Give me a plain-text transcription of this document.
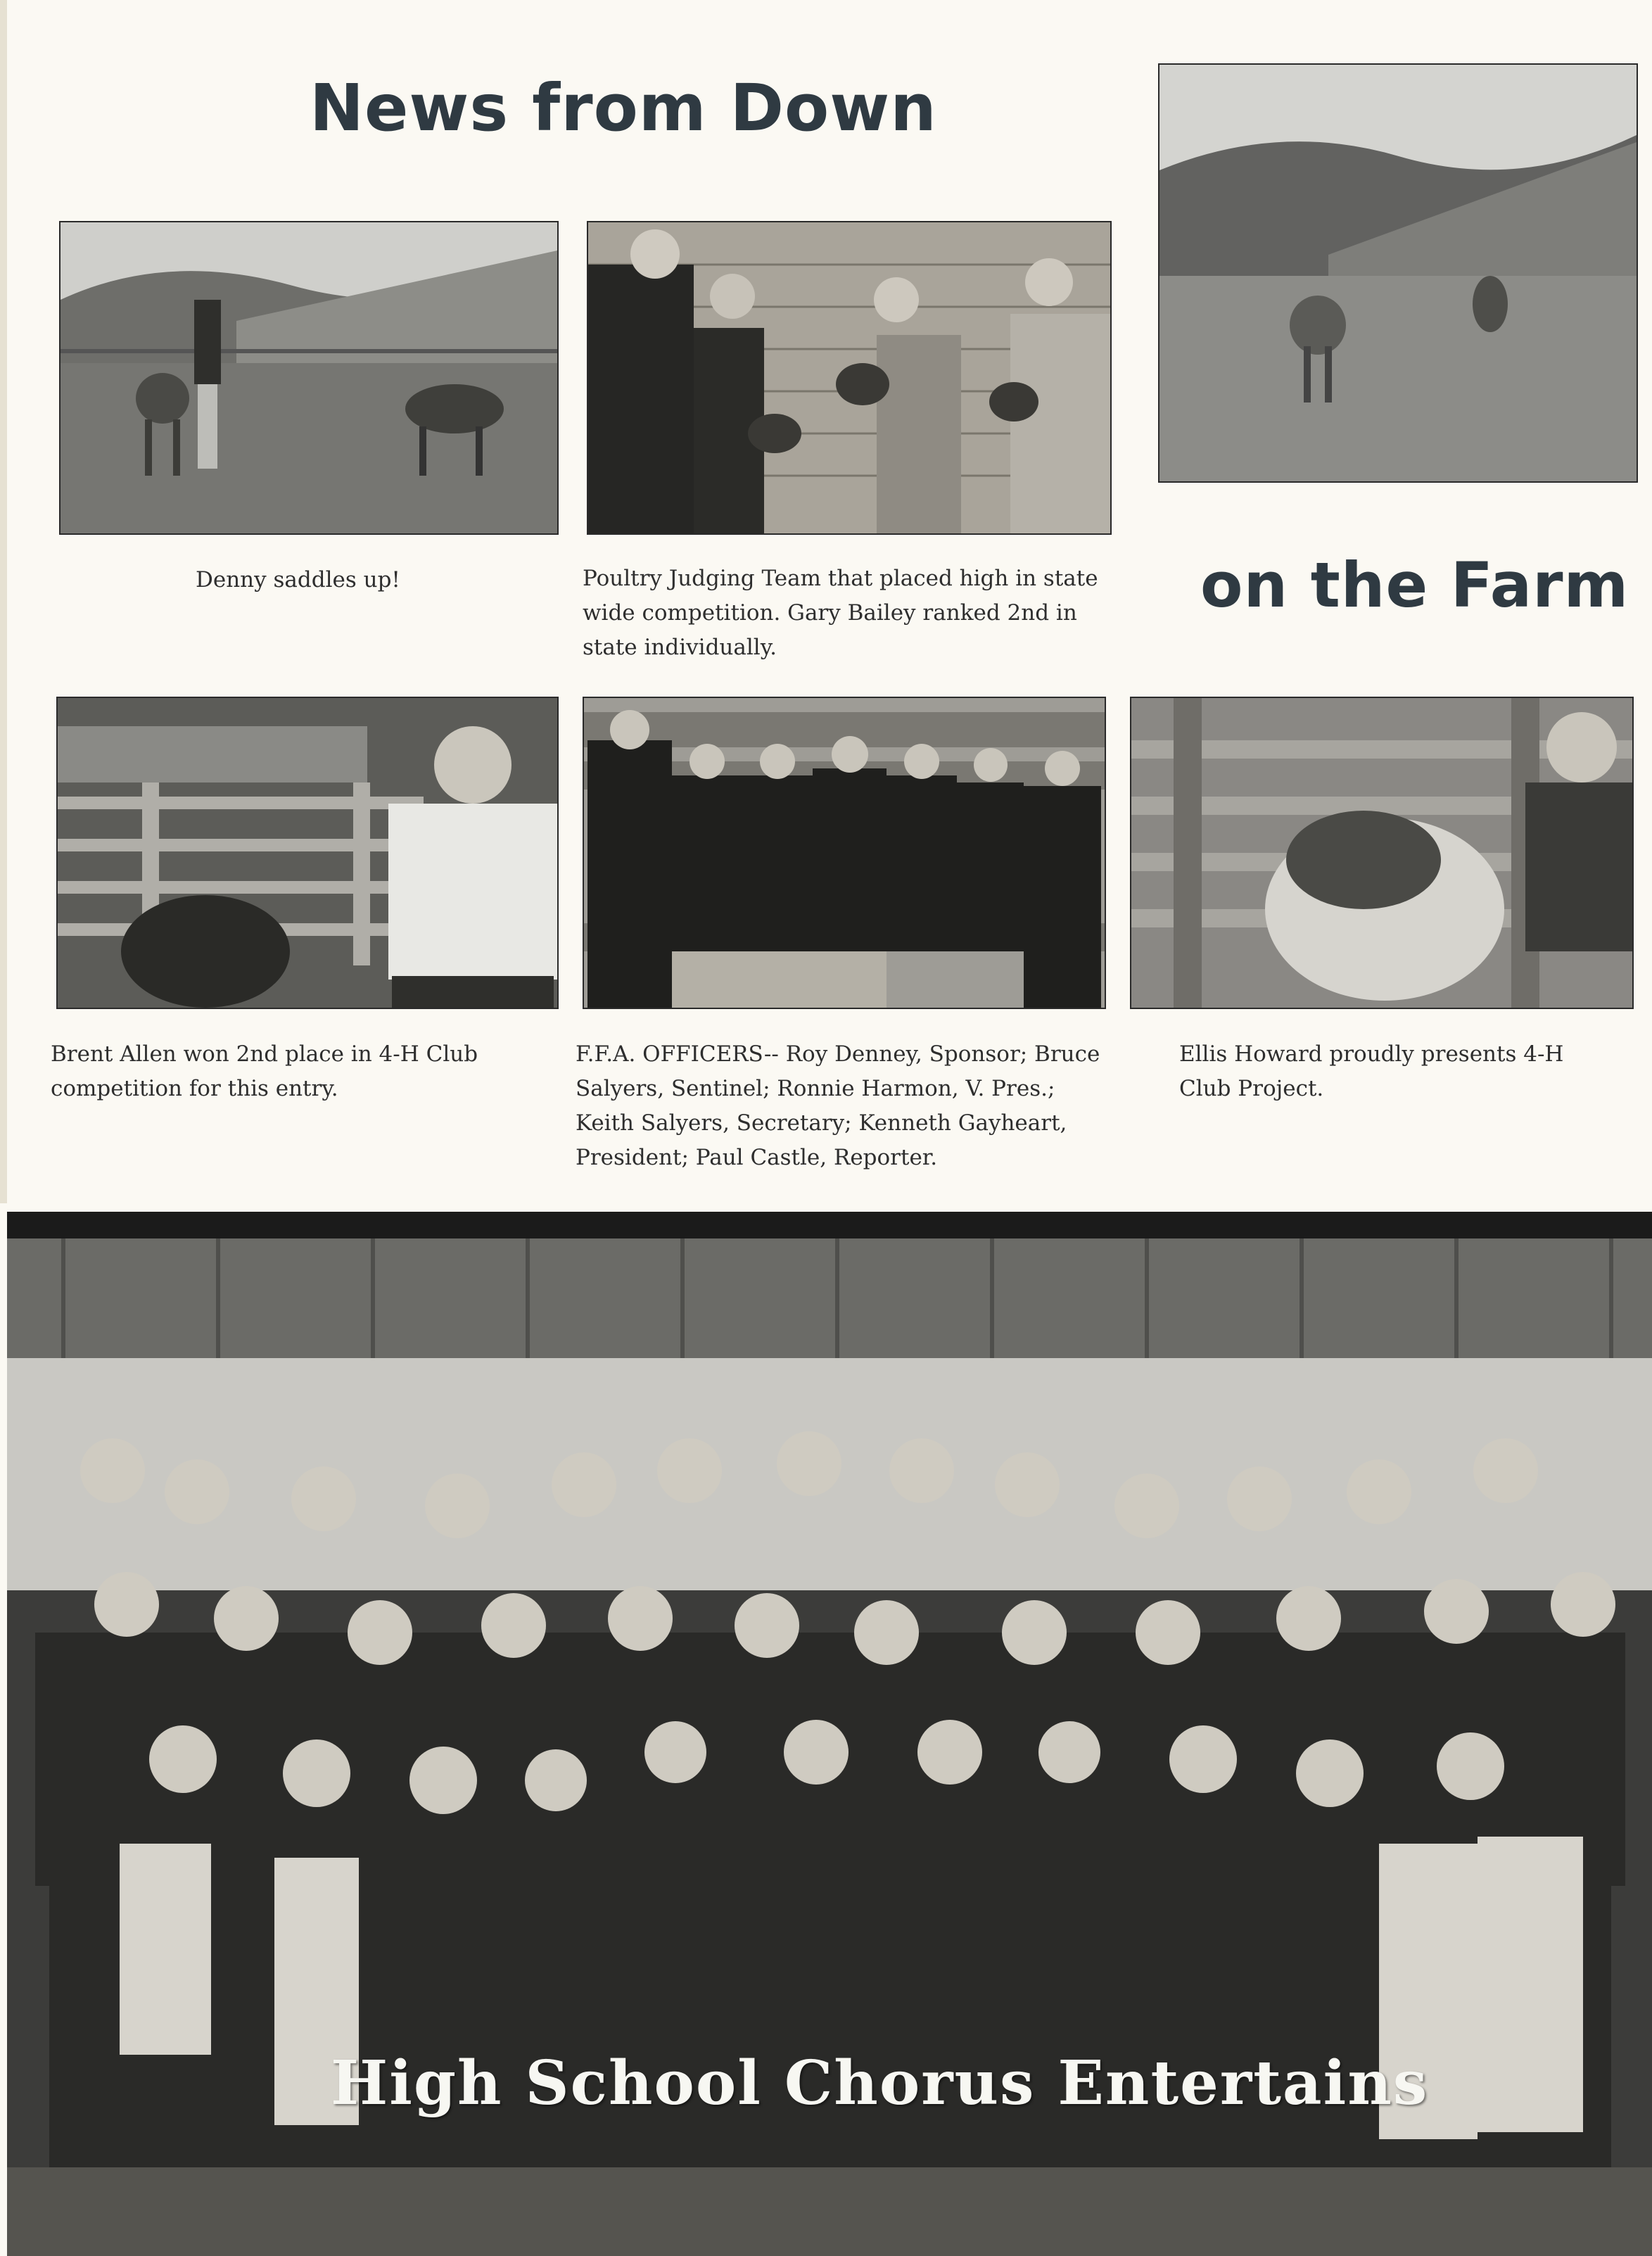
News from Down

Denny saddles up!	Poultry Judging Team that placed high in state wide competition. Gary Bailey ranked 2nd in state individually.

on the Farm

Brent Allen won 2nd place in 4-H Club competition for this entry.

F.F.A. OFFICERS-- Roy Denney, Sponsor; Bruce Salyers, Sentinel; Ronnie Harmon, V. Pres.; Keith Salyers, Secretary; Kenneth Gayheart, President; Paul Castle, Reporter.

Ellis Howard proudly presents 4-H Club Project.

High School Chorus Entertains
